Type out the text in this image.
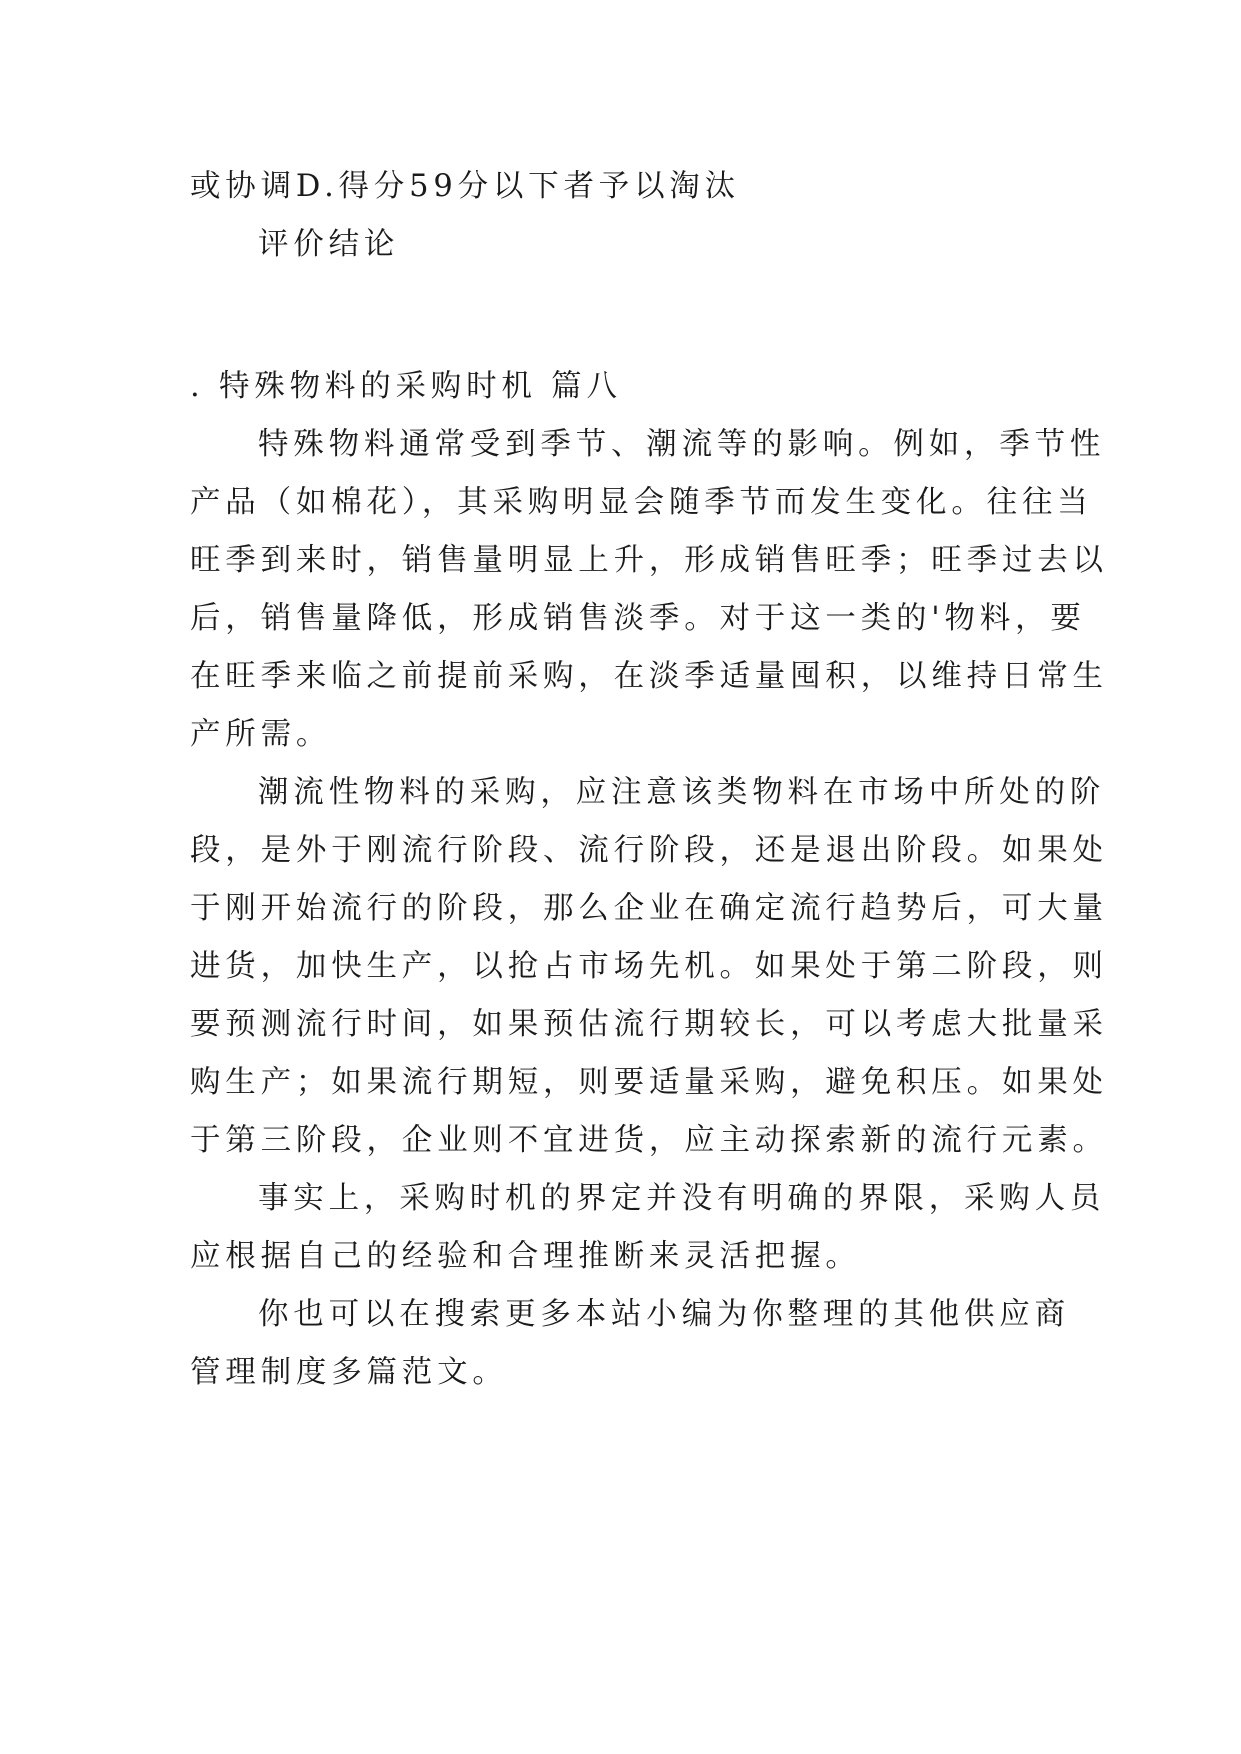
或协调D.得分59分以下者予以淘汰
评价结论
. 特殊物料的采购时机 篇八
特殊物料通常受到季节、潮流等的影响。例如，季节性
产品（如棉花），其采购明显会随季节而发生变化。往往当
旺季到来时，销售量明显上升，形成销售旺季；旺季过去以
后，销售量降低，形成销售淡季。对于这一类的'物料，要
在旺季来临之前提前采购，在淡季适量囤积，以维持日常生
产所需。
潮流性物料的采购，应注意该类物料在市场中所处的阶
段，是外于刚流行阶段、流行阶段，还是退出阶段。如果处
于刚开始流行的阶段，那么企业在确定流行趋势后，可大量
进货，加快生产，以抢占市场先机。如果处于第二阶段，则
要预测流行时间，如果预估流行期较长，可以考虑大批量采
购生产；如果流行期短，则要适量采购，避免积压。如果处
于第三阶段，企业则不宜进货，应主动探索新的流行元素。
事实上，采购时机的界定并没有明确的界限，采购人员
应根据自己的经验和合理推断来灵活把握。
你也可以在搜索更多本站小编为你整理的其他供应商
管理制度多篇范文。
